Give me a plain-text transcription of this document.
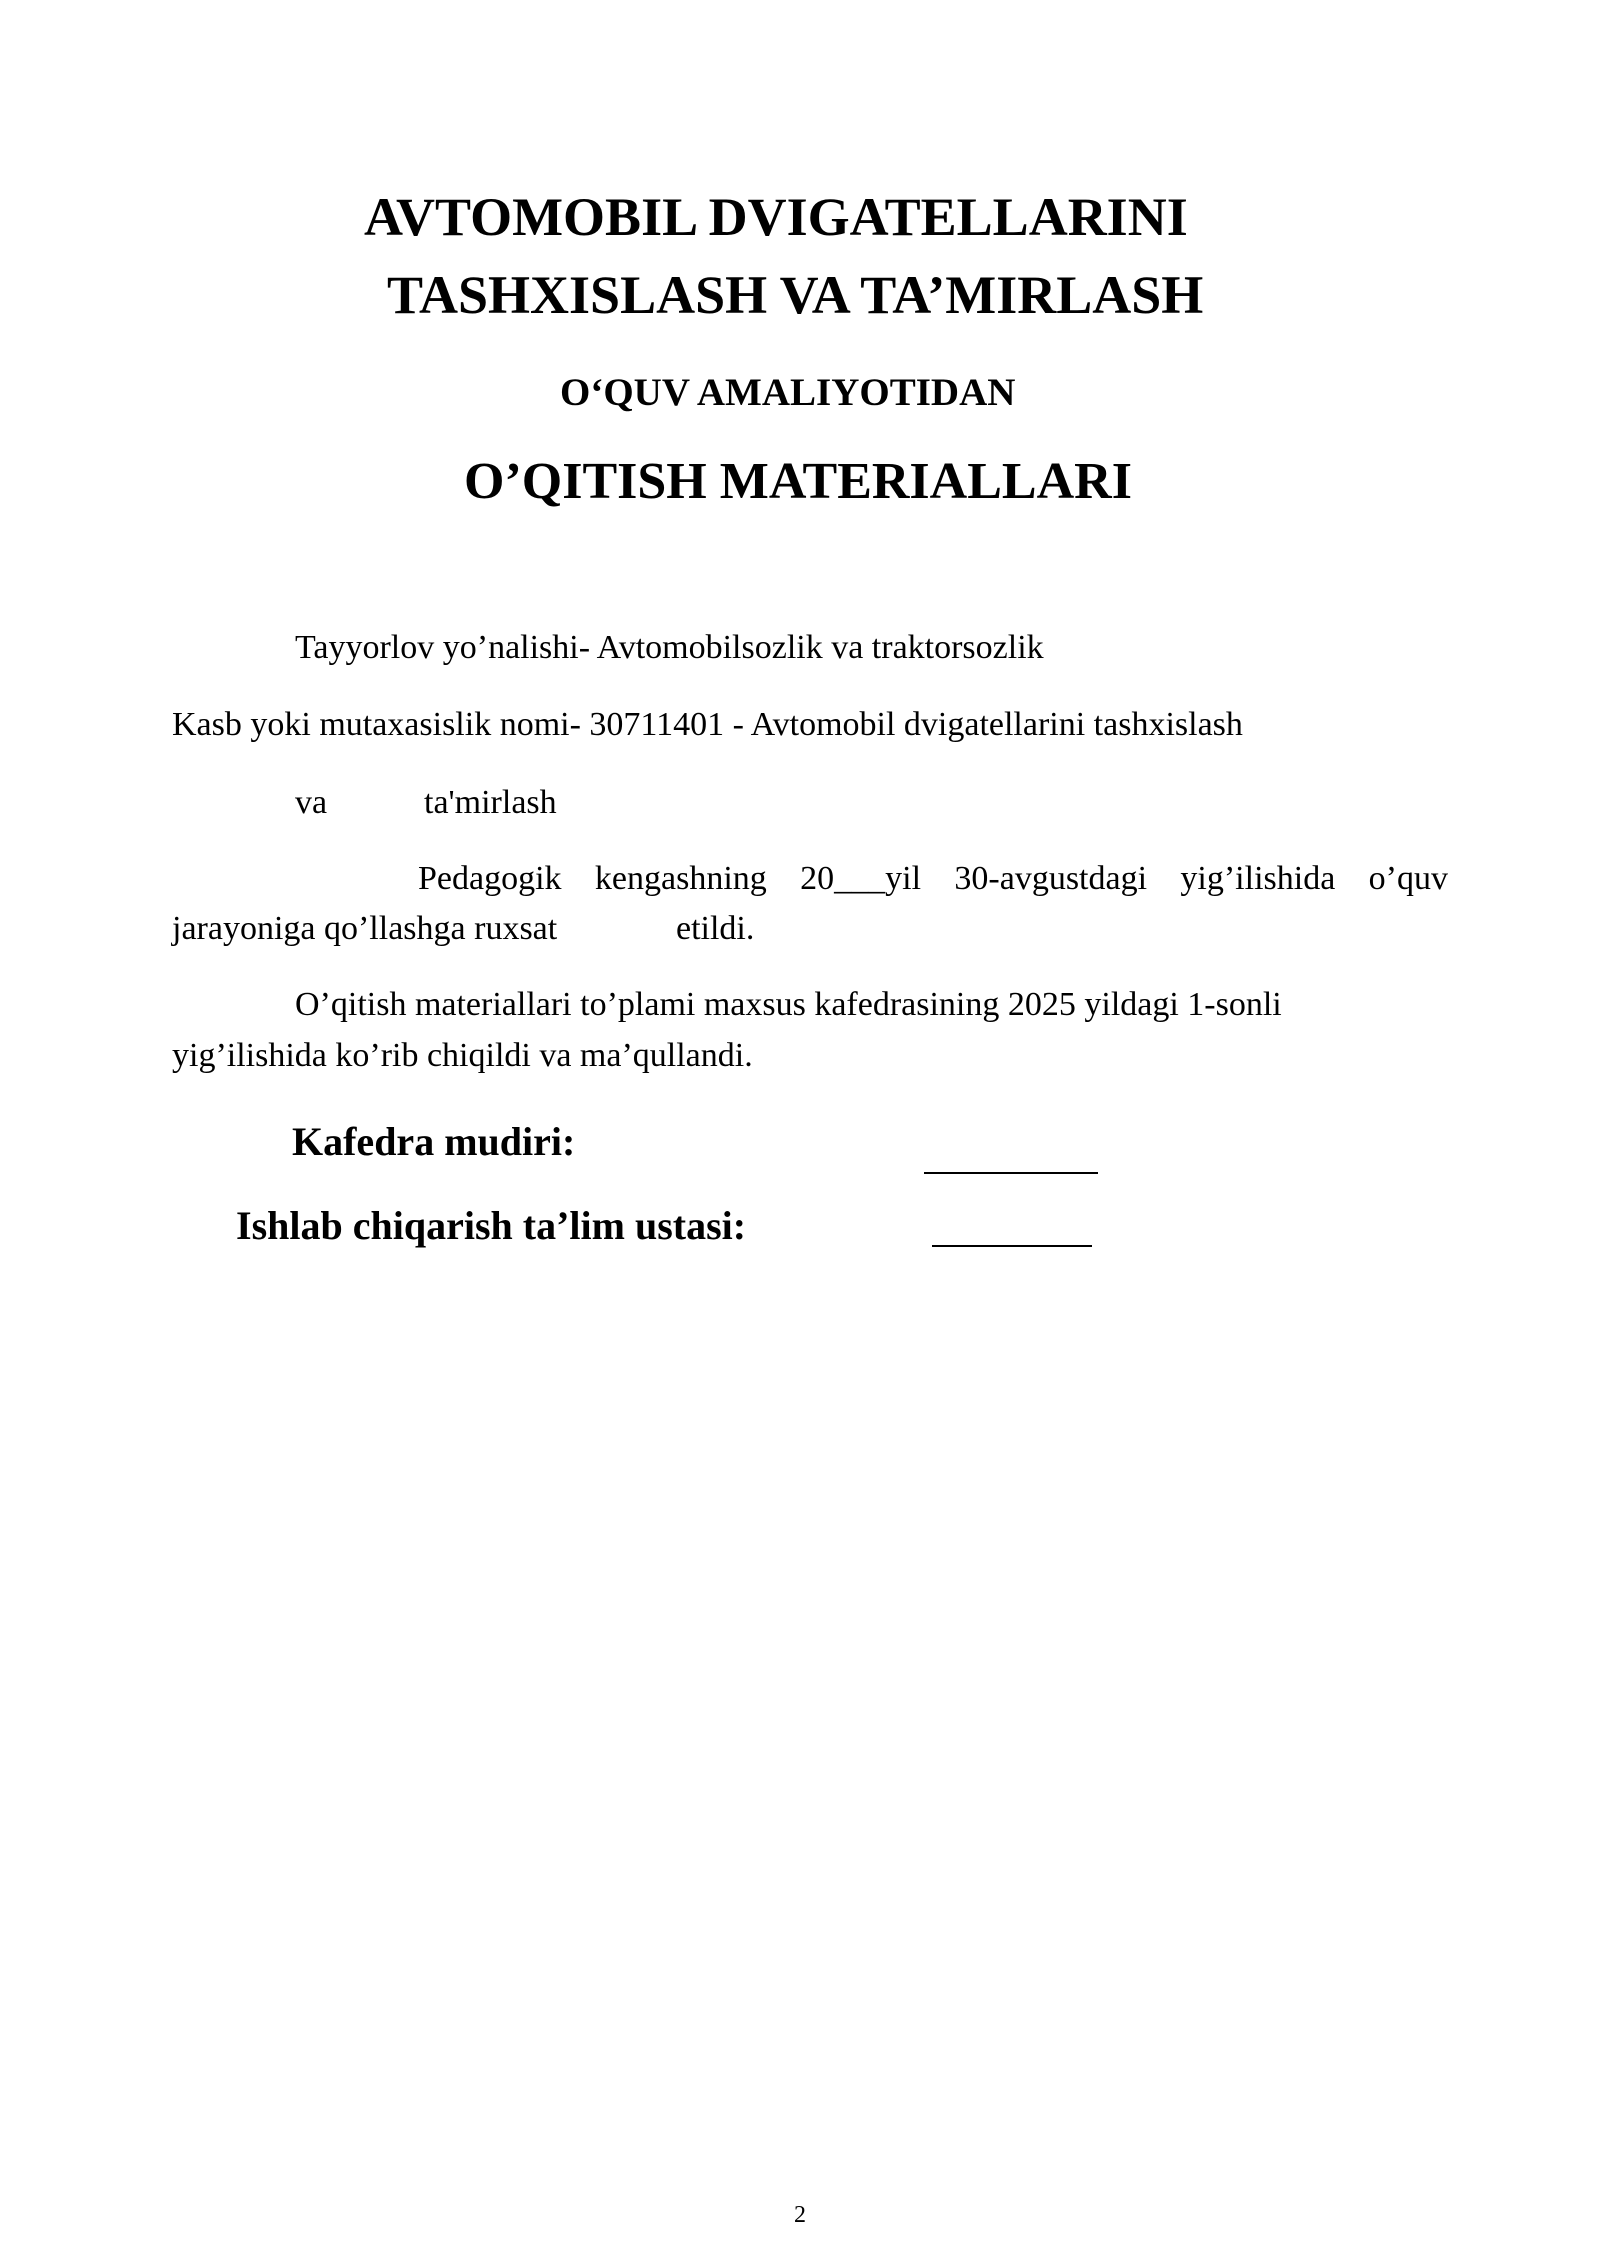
AVTOMOBIL DVIGATELLARINI
TASHXISLASH VA TA’MIRLASH
O‘QUV AMALIYOTIDAN
O’QITISH MATERIALLARI

Tayyorlov yo’nalishi- Avtomobilsozlik va traktorsozlik

Kasb yoki mutaxasislik nomi- 30711401 - Avtomobil dvigatellarini tashxislash

va	ta'mirlash

Pedagogik kengashning 20___yil 30-avgustdagi yig’ilishida o’quv

jarayoniga qo’llashga ruxsat	etildi.

O’qitish materiallari to’plami maxsus kafedrasining 2025 yildagi 1-sonli

yig’ilishida ko’rib chiqildi va ma’qullandi.

Kafedra mudiri:
Ishlab chiqarish ta’lim ustasi:
2
